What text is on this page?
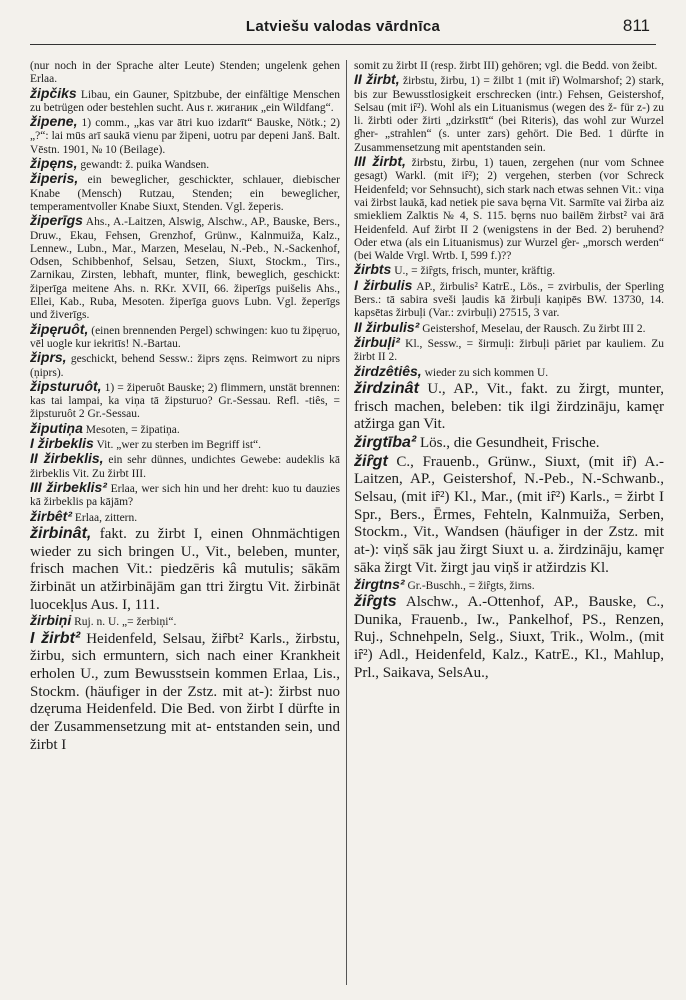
Latviešu valodas vārdnīca	811

(nur noch in der Sprache alter Leute) Stenden; ungelenk gehen Erlaa.

žipčiks Libau, ein Gauner, Spitzbube, der einfältige Menschen zu betrügen oder bestehlen sucht. Aus r. жиганик „ein Wildfang“.

žipene, 1) comm., „kas var ātri kuo izdarīt“ Bauske, Nötk.; 2) „?“: lai mūs arī saukā vienu par žipeni, uotru par depeni Janš. Balt. Vēstn. 1901, № 10 (Beilage).

žipęns, gewandt: ž. puika Wandsen.

žiperis, ein beweglicher, geschickter, schlauer, diebischer Knabe (Mensch) Rutzau, Stenden; ein beweglicher, temperamentvoller Knabe Siuxt, Stenden. Vgl. žeperis.

žiperīgs Ahs., A.-Laitzen, Alswig, Alschw., AP., Bauske, Bers., Druw., Ekau, Fehsen, Grenzhof, Grünw., Kalnmuiža, Kalz., Lennew., Lubn., Mar., Marzen, Meselau, N.-Peb., N.-Sackenhof, Odsen, Schibbenhof, Selsau, Setzen, Siuxt, Stockm., Tirs., Zarnikau, Zirsten, lebhaft, munter, flink, beweglich, geschickt: žiperīga meitene Ahs. n. RKr. XVII, 66. žiperīgs puišelis Ahs., Ellei, Kab., Ruba, Mesoten. žiperīga guovs Lubn. Vgl. žeperīgs und živerīgs.

žipęruôt, (einen brennenden Pergel) schwingen: kuo tu žipęruo, vēl uogle kur iekritīs! N.-Bartau.

žiprs, geschickt, behend Sessw.: žiprs zęns. Reimwort zu niprs (ņiprs).

žipsturuôt, 1) = žiperuôt Bauske; 2) flimmern, unstät brennen: kas tai lampai, ka viņa tā žipsturuo? Gr.-Sessau. Refl. -tiês, = žipsturuôt 2 Gr.-Sessau.

žiputiņa Mesoten, = žipatiņa.

I žirbeklis Vit. „wer zu sterben im Begriff ist“.

II žirbeklis, ein sehr dünnes, undichtes Gewebe: audeklis kā žirbeklis Vit. Zu žirbt III.

III žirbeklis² Erlaa, wer sich hin und her dreht: kuo tu dauzies kā žirbeklis pa kājām?

žirbêt² Erlaa, zittern.

žirbinât, fakt. zu žirbt I, einen Ohnmächtigen wieder zu sich bringen U., Vit., beleben, munter, frisch machen Vit.: piedzēris kâ mutulis; sākām žirbināt un atžirbinājām gan ttri žirgtu Vit. žirbināt luocekļus Aus. I, 111.

žirbiņi Ruj. n. U. „= žerbiņi“.

I žirbt² Heidenfeld, Selsau, žiȓbt² Karls., žirbstu, žirbu, sich ermuntern, sich nach einer Krankheit erholen U., zum Bewusstsein kommen Erlaa, Lis., Stockm. (häufiger in der Zstz. mit at-): žirbst nuo dzęruma Heidenfeld. Die Bed. von žirbt I dürfte in der Zusammensetzung mit at- entstanden sein, und žirbt I

somit zu žirbt II (resp. žirbt III) gehören; vgl. die Bedd. von žeibt.

II žirbt, žirbstu, žirbu, 1) = žilbt 1 (mit iȓ) Wolmarshof; 2) stark, bis zur Bewusstlosigkeit erschrecken (intr.) Fehsen, Geistershof, Selsau (mit iȓ²). Wohl als ein Lituanismus (wegen des ž- für z-) zu li. žirbti oder žirti „dzirkstīt“ (bei Riteris), das wohl zur Wurzel g̑her- „strahlen“ (s. unter zars) gehört. Die Bed. 1 dürfte in Zusammensetzung mit apentstanden sein.

III žirbt, žirbstu, žirbu, 1) tauen, zergehen (nur vom Schnee gesagt) Warkl. (mit iȓ²); 2) vergehen, sterben (vor Schreck Heidenfeld; vor Sehnsucht), sich stark nach etwas sehnen Vit.: viņa vai žirbst laukā, kad netiek pie sava bęrna Vit. Sarmīte vai žirba aiz smiekliem Zalktis № 4, S. 115. bęrns nuo bailēm žirbst² vai ārā Heidenfeld. Auf žirbt II 2 (wenigstens in der Bed. 2) beruhend? Oder etwa (als ein Lituanismus) zur Wurzel g̑er- „morsch werden“ (bei Walde Vrgl. Wrtb. I, 599 f.)??

žirbts U., = žiȓgts, frisch, munter, kräftig.

I žirbulis AP., žirbulis² KatrE., Lös., = zvirbulis, der Sperling Bers.: tā sabira sveši ļaudis kā žirbuļi kaņipēs BW. 13730, 14. kapsētas žirbuļi (Var.: zvirbuļi) 27515, 3 var.

II žirbulis² Geistershof, Meselau, der Rausch. Zu žirbt III 2.

žirbuļi² Kl., Sessw., = širmuļi: žirbuļi pāriet par kauliem. Zu žirbt II 2.

žirdzêtiês, wieder zu sich kommen U.

žirdzinât U., AP., Vit., fakt. zu žirgt, munter, frisch machen, beleben: tik ilgi žirdzināju, kamęr atžirga gan Vit.

žirgtība² Lös., die Gesundheit, Frische.

žiȓgt C., Frauenb., Grünw., Siuxt, (mit iȓ) A.-Laitzen, AP., Geistershof, N.-Peb., N.-Schwanb., Selsau, (mit iȓ²) Kl., Mar., (mit iȓ²) Karls., = žirbt I Spr., Bers., Ērmes, Fehteln, Kalnmuiža, Serben, Stockm., Vit., Wandsen (häufiger in der Zstz. mit at-): viņš sāk jau žirgt Siuxt u. a. žirdzināju, kamęr sāka žirgt Vit. žirgt jau viņš ir atžirdzis Kl.

žirgtns² Gr.-Buschh., = žiȓgts, žirns.

žiȓgts Alschw., A.-Ottenhof, AP., Bauske, C., Dunika, Frauenb., Iw., Pankelhof, PS., Renzen, Ruj., Schnehpeln, Selg., Siuxt, Trik., Wolm., (mit iȓ²) Adl., Heidenfeld, Kalz., KatrE., Kl., Mahlup, Prl., Saikava, SelsAu.,
